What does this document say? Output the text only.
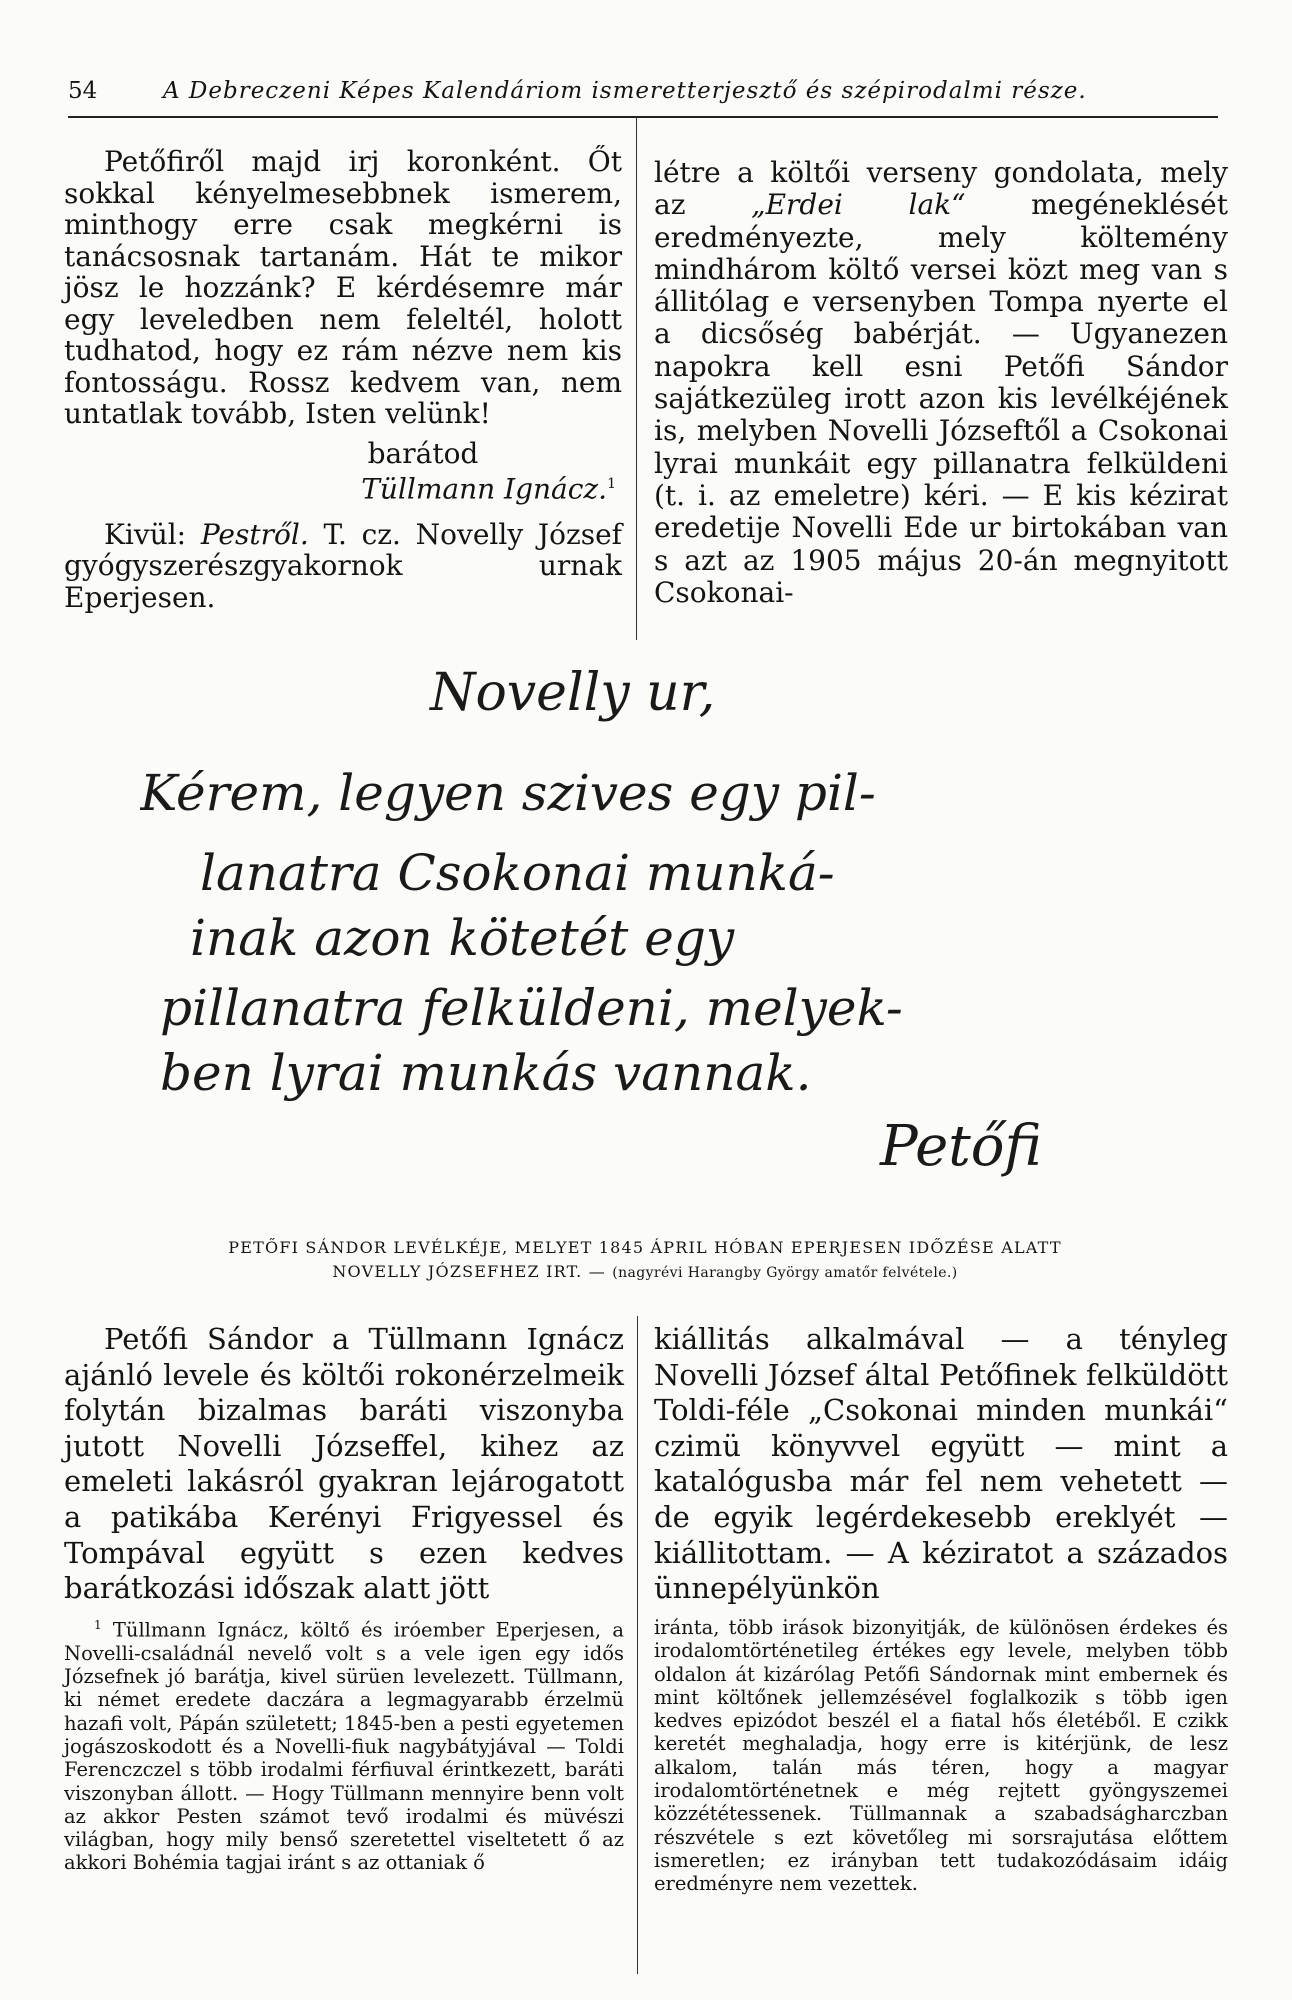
54	A Debreczeni Képes Kalendáriom ismeretterjesztő és szépirodalmi része.

Petőfiről majd irj koronként. Őt sokkal kényelmesebbnek ismerem, minthogy erre csak megkérni is tanácsosnak tartanám. Hát te mikor jösz le hozzánk? E kérdésemre már egy leveledben nem feleltél, holott tudhatod, hogy ez rám nézve nem kis fontosságu. Rossz kedvem van, nem untatlak tovább, Isten velünk!

barátod

Tüllmann Ignácz.$^1$

Kivül: Pestről. T. cz. Novelly József gyógyszerészgyakornok urnak Eperjesen.

létre a költői verseny gondolata, mely az „Erdei lak“ megéneklését eredményezte, mely költemény mindhárom költő versei közt meg van s állitólag e versenyben Tompa nyerte el a dicsőség babérját. — Ugyanezen napokra kell esni Petőfi Sándor sajátkezüleg irott azon kis levélkéjének is, melyben Novelli Józseftől a Csokonai lyrai munkáit egy pillanatra felküldeni (t. i. az emeletre) kéri. — E kis kézirat eredetije Novelli Ede ur birtokában van s azt az 1905 május 20-án megnyitott Csokonai-

Novelly ur,
Kérem, legyen szives egy pil-
lanatra Csokonai munká-
inak azon kötetét egy
pillanatra felküldeni, melyek-
ben lyrai munkás vannak.
Petőfi
PETŐFI SÁNDOR LEVÉLKÉJE, MELYET 1845 ÁPRIL HÓBAN EPERJESEN IDŐZÉSE ALATT
NOVELLY JÓZSEFHEZ IRT. — (nagyrévi Harangby György amatőr felvétele.)

Petőfi Sándor a Tüllmann Ignácz ajánló levele és költői rokonérzelmeik folytán bizalmas baráti viszonyba jutott Novelli Józseffel, kihez az emeleti lakásról gyakran lejárogatott a patikába Kerényi Frigyessel és Tompával együtt s ezen kedves barátkozási időszak alatt jött

kiállitás alkalmával — a tényleg Novelli József által Petőfinek felküldött Toldi-féle „Csokonai minden munkái“ czimü könyvvel együtt — mint a katalógusba már fel nem vehetett — de egyik legérdekesebb ereklyét — kiállitottam. — A kéziratot a százados ünnepélyünkön

$^1$ Tüllmann Ignácz, költő és iróember Eperjesen, a Novelli-családnál nevelő volt s a vele igen egy idős Józsefnek jó barátja, kivel sürüen levelezett. Tüllmann, ki német eredete daczára a legmagyarabb érzelmü hazafi volt, Pápán született; 1845-ben a pesti egyetemen jogászoskodott és a Novelli-fiuk nagybátyjával — Toldi Ferenczczel s több irodalmi férfiuval érintkezett, baráti viszonyban állott. — Hogy Tüllmann mennyire benn volt az akkor Pesten számot tevő irodalmi és müvészi világban, hogy mily benső szeretettel viseltetett ő az akkori Bohémia tagjai iránt s az ottaniak ő

iránta, több irások bizonyitják, de különösen érdekes és irodalomtörténetileg értékes egy levele, melyben több oldalon át kizárólag Petőfi Sándornak mint embernek és mint költőnek jellemzésével foglalkozik s több igen kedves epizódot beszél el a fiatal hős életéből. E czikk keretét meghaladja, hogy erre is kitérjünk, de lesz alkalom, talán más téren, hogy a magyar irodalomtörténetnek e még rejtett gyöngyszemei közzététessenek. Tüllmannak a szabadságharczban részvétele s ezt követőleg mi sorsrajutása előttem ismeretlen; ez irányban tett tudakozódásaim idáig eredményre nem vezettek.
